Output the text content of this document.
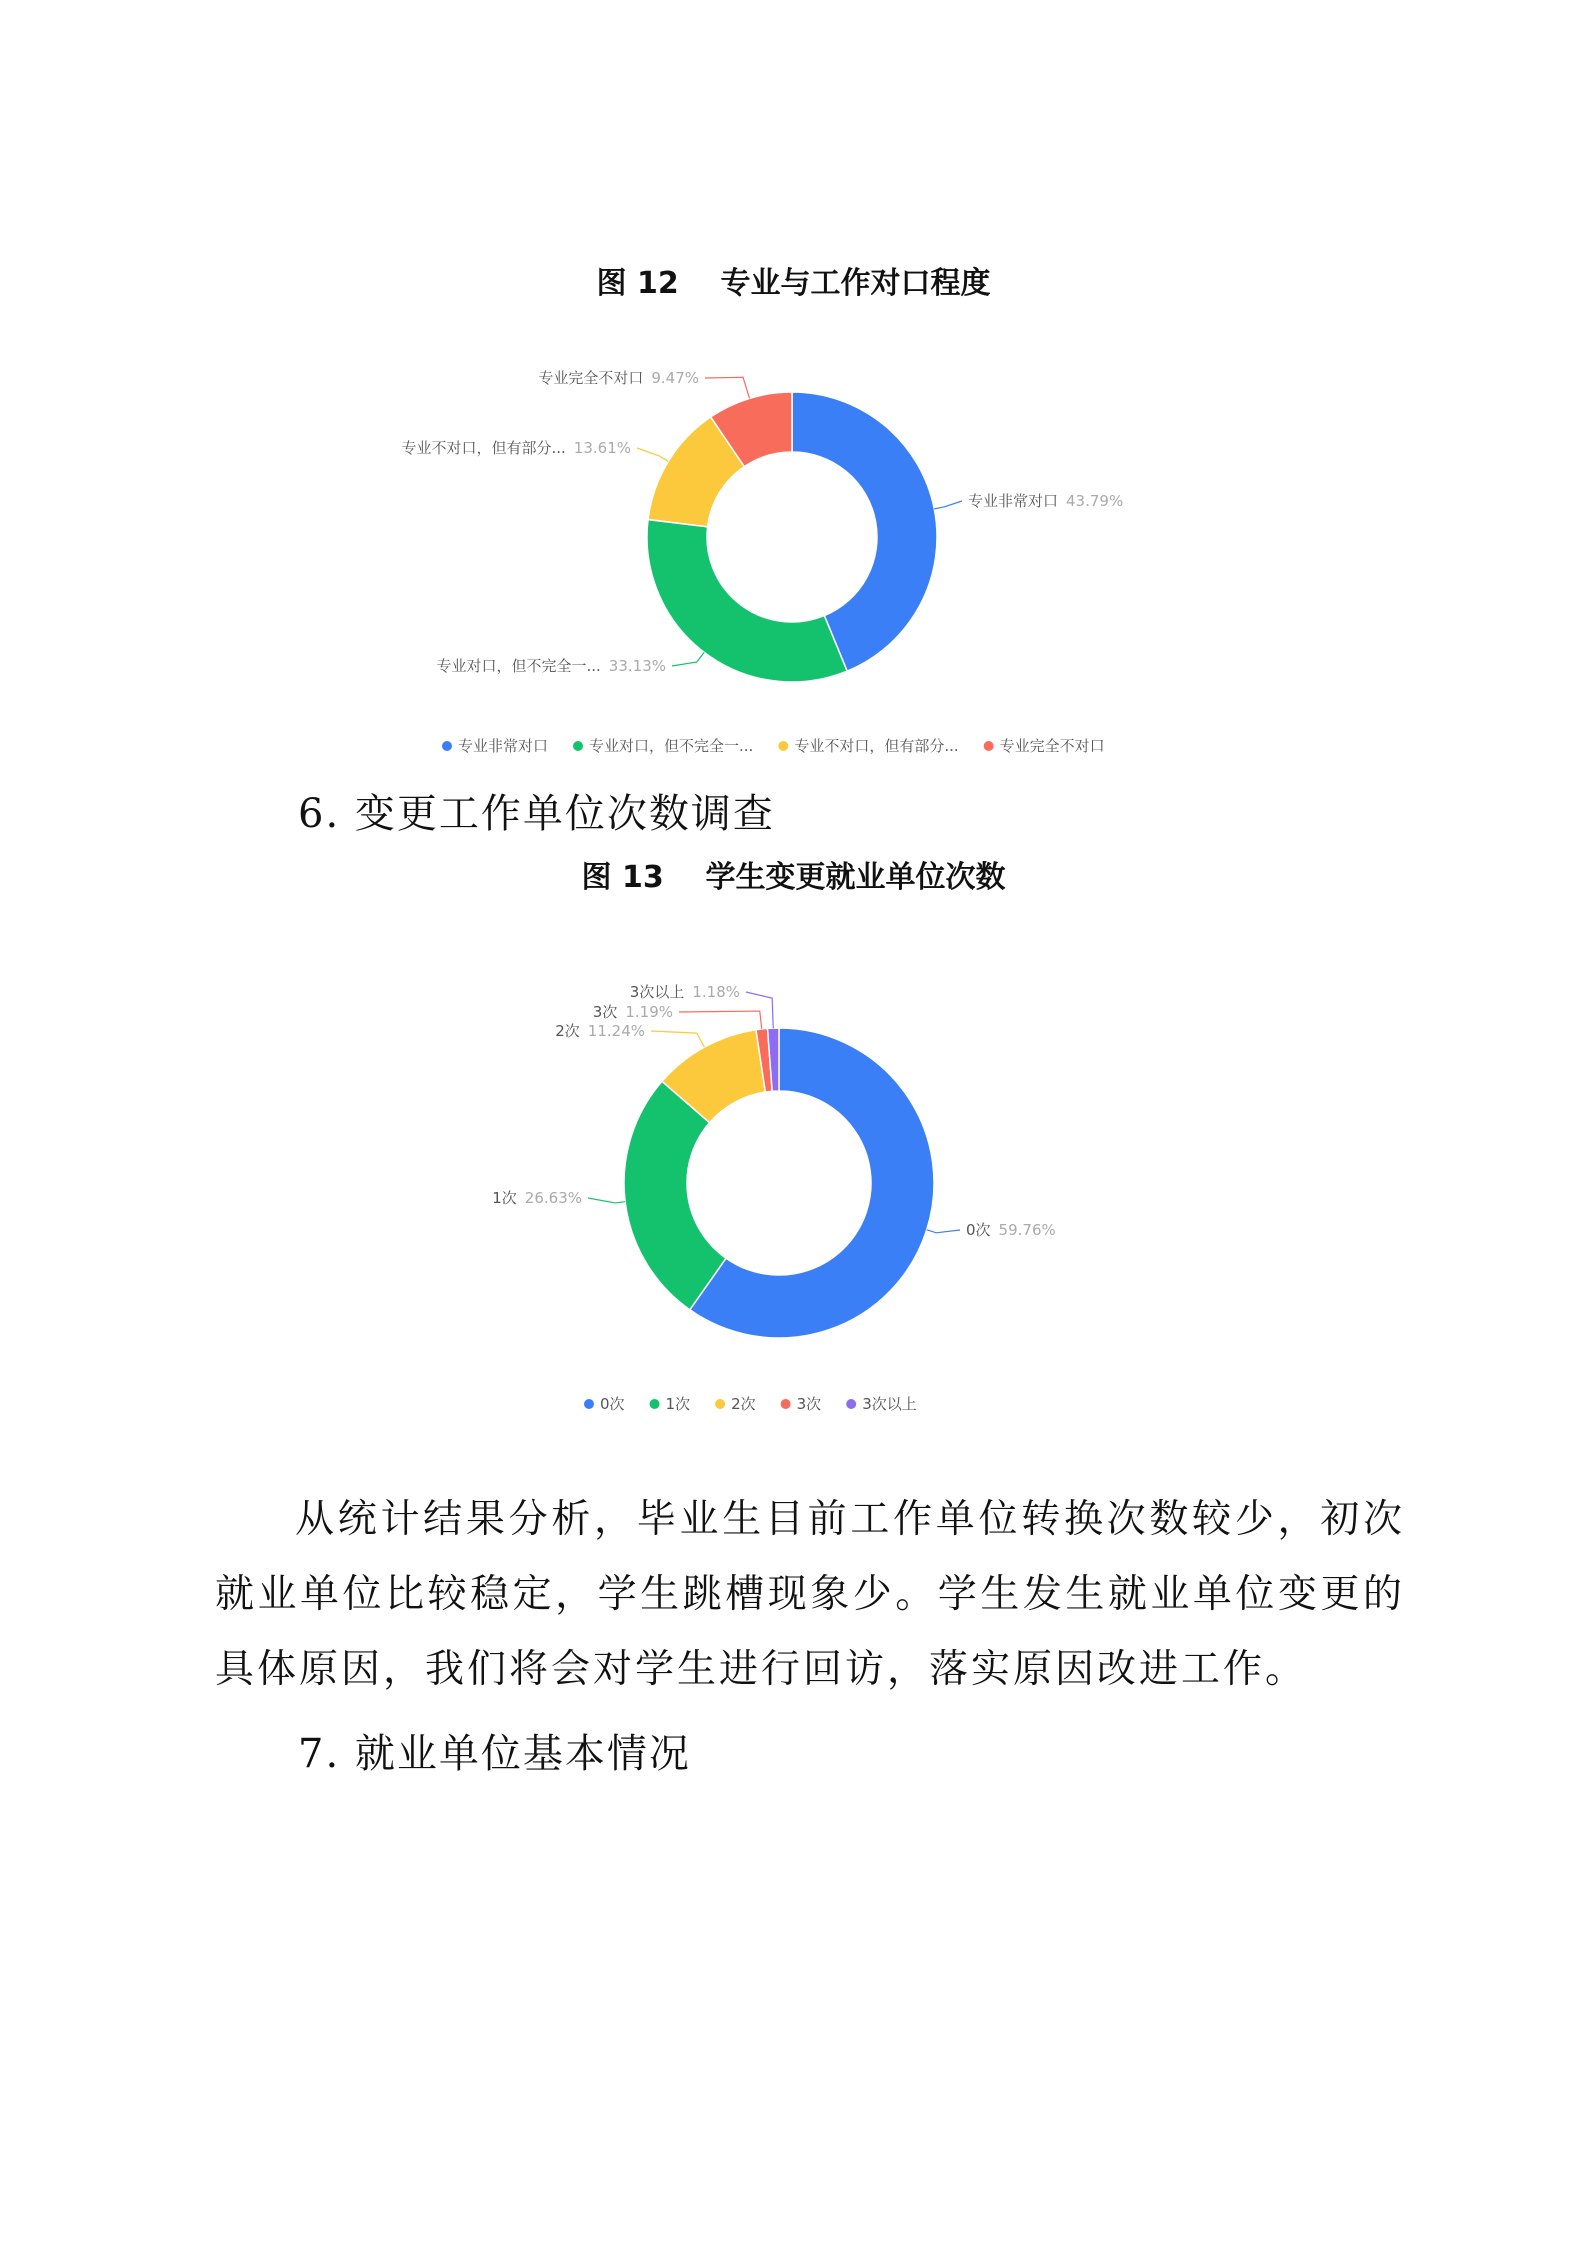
图 12    专业与工作对口程度
专业非常对口 43.79%
专业对口，但不完全一... 33.13%
专业不对口，但有部分... 13.61%
专业完全不对口 9.47%
专业非常对口	专业对口，但不完全一...	专业不对口，但有部分...	专业完全不对口
6. 变更工作单位次数调查
图 13    学生变更就业单位次数
0次 59.76%
1次 26.63%
2次 11.24%
3次 1.19%
3次以上 1.18%
0次	1次	2次	3次	3次以上
从统计结果分析，毕业生目前工作单位转换次数较少，初次就业单位比较稳定，学生跳槽现象少。学生发生就业单位变更的具体原因，我们将会对学生进行回访，落实原因改进工作。
7. 就业单位基本情况
